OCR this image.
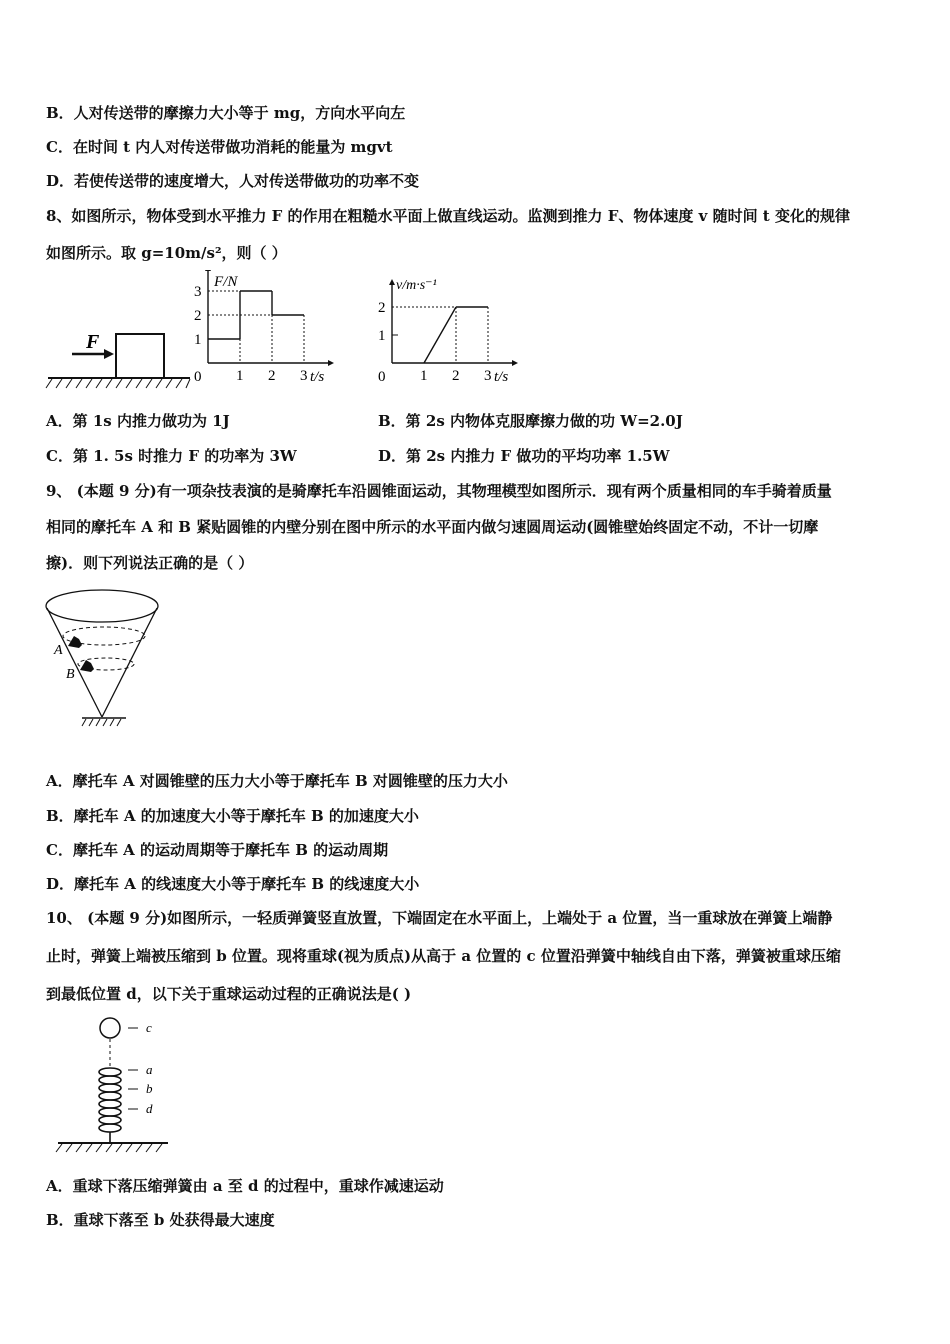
B．人对传送带的摩擦力大小等于 mg，方向水平向左
C．在时间 t 内人对传送带做功消耗的能量为 mgvt
D．若使传送带的速度增大，人对传送带做功的功率不变
8、如图所示，物体受到水平推力 F 的作用在粗糙水平面上做直线运动。监测到推力 F、物体速度 v 随时间 t 变化的规律
如图所示。取 g=10m/s²，则（ ）
F
F/N
0	t/s
1 2 3
1
2
3	v/m·s⁻¹
0	t/s
1 2 3
1
2
A．第 1s 内推力做功为 1J	B．第 2s 内物体克服摩擦力做的功 W=2.0J
C．第 1. 5s 时推力 F 的功率为 3W	D．第 2s 内推力 F 做功的平均功率 1.5W
9、 (本题 9 分)有一项杂技表演的是骑摩托车沿圆锥面运动，其物理模型如图所示．现有两个质量相同的车手骑着质量
相同的摩托车 A 和 B 紧贴圆锥的内壁分别在图中所示的水平面内做匀速圆周运动(圆锥壁始终固定不动，不计一切摩
擦)．则下列说法正确的是（ ）
A
B
A．摩托车 A 对圆锥壁的压力大小等于摩托车 B 对圆锥壁的压力大小
B．摩托车 A 的加速度大小等于摩托车 B 的加速度大小
C．摩托车 A 的运动周期等于摩托车 B 的运动周期
D．摩托车 A 的线速度大小等于摩托车 B 的线速度大小
10、 (本题 9 分)如图所示，一轻质弹簧竖直放置，下端固定在水平面上，上端处于 a 位置，当一重球放在弹簧上端静
止时，弹簧上端被压缩到 b 位置。现将重球(视为质点)从高于 a 位置的 c 位置沿弹簧中轴线自由下落，弹簧被重球压缩
到最低位置 d，以下关于重球运动过程的正确说法是( )
c
a
b
d
A．重球下落压缩弹簧由 a 至 d 的过程中，重球作减速运动
B．重球下落至 b 处获得最大速度
